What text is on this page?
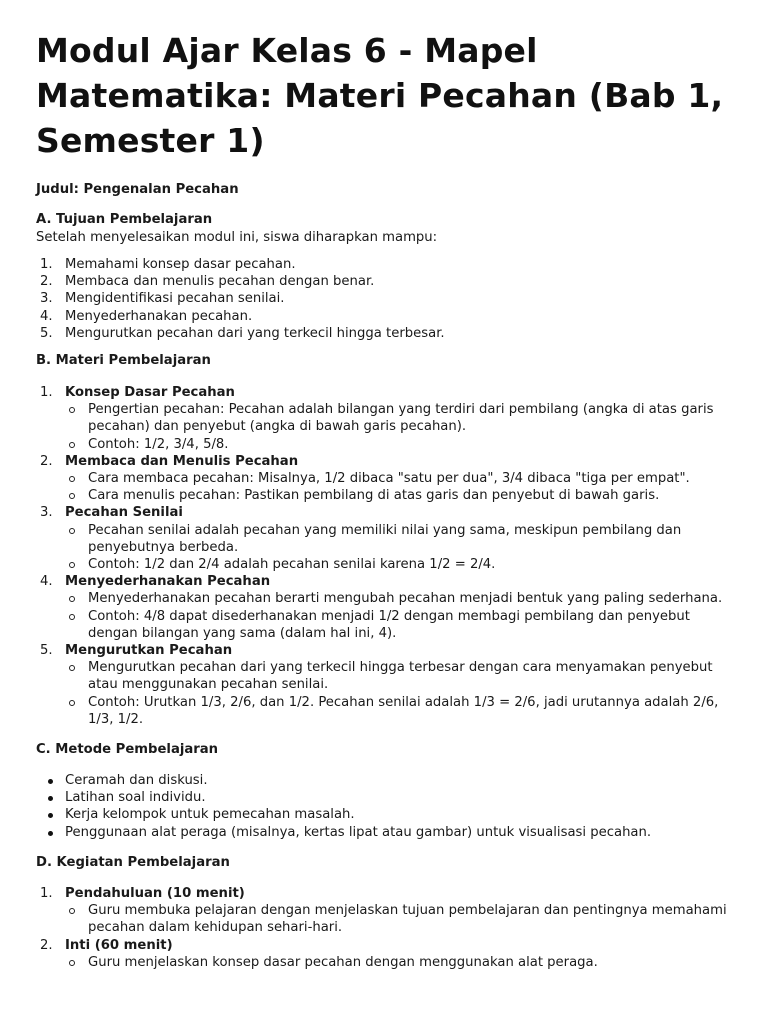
Modul Ajar Kelas 6 - Mapel Matematika: Materi Pecahan (Bab 1, Semester 1)
Judul: Pengenalan Pecahan
A. Tujuan Pembelajaran

Setelah menyelesaikan modul ini, siswa diharapkan mampu:

1. Memahami konsep dasar pecahan.
2. Membaca dan menulis pecahan dengan benar.
3. Mengidentifikasi pecahan senilai.
4. Menyederhanakan pecahan.
5. Mengurutkan pecahan dari yang terkecil hingga terbesar.
B. Materi Pembelajaran
1. Konsep Dasar Pecahan
Pengertian pecahan: Pecahan adalah bilangan yang terdiri dari pembilang (angka di atas garis pecahan) dan penyebut (angka di bawah garis pecahan).
Contoh: 1/2, 3/4, 5/8.
2. Membaca dan Menulis Pecahan
Cara membaca pecahan: Misalnya, 1/2 dibaca "satu per dua", 3/4 dibaca "tiga per empat".
Cara menulis pecahan: Pastikan pembilang di atas garis dan penyebut di bawah garis.
3. Pecahan Senilai
Pecahan senilai adalah pecahan yang memiliki nilai yang sama, meskipun pembilang dan penyebutnya berbeda.
Contoh: 1/2 dan 2/4 adalah pecahan senilai karena 1/2 = 2/4.
4. Menyederhanakan Pecahan
Menyederhanakan pecahan berarti mengubah pecahan menjadi bentuk yang paling sederhana.
Contoh: 4/8 dapat disederhanakan menjadi 1/2 dengan membagi pembilang dan penyebut dengan bilangan yang sama (dalam hal ini, 4).
5. Mengurutkan Pecahan
Mengurutkan pecahan dari yang terkecil hingga terbesar dengan cara menyamakan penyebut atau menggunakan pecahan senilai.
Contoh: Urutkan 1/3, 2/6, dan 1/2. Pecahan senilai adalah 1/3 = 2/6, jadi urutannya adalah 2/6, 1/3, 1/2.
C. Metode Pembelajaran
Ceramah dan diskusi.
Latihan soal individu.
Kerja kelompok untuk pemecahan masalah.
Penggunaan alat peraga (misalnya, kertas lipat atau gambar) untuk visualisasi pecahan.
D. Kegiatan Pembelajaran
1. Pendahuluan (10 menit)
Guru membuka pelajaran dengan menjelaskan tujuan pembelajaran dan pentingnya memahami pecahan dalam kehidupan sehari-hari.
2. Inti (60 menit)
Guru menjelaskan konsep dasar pecahan dengan menggunakan alat peraga.
